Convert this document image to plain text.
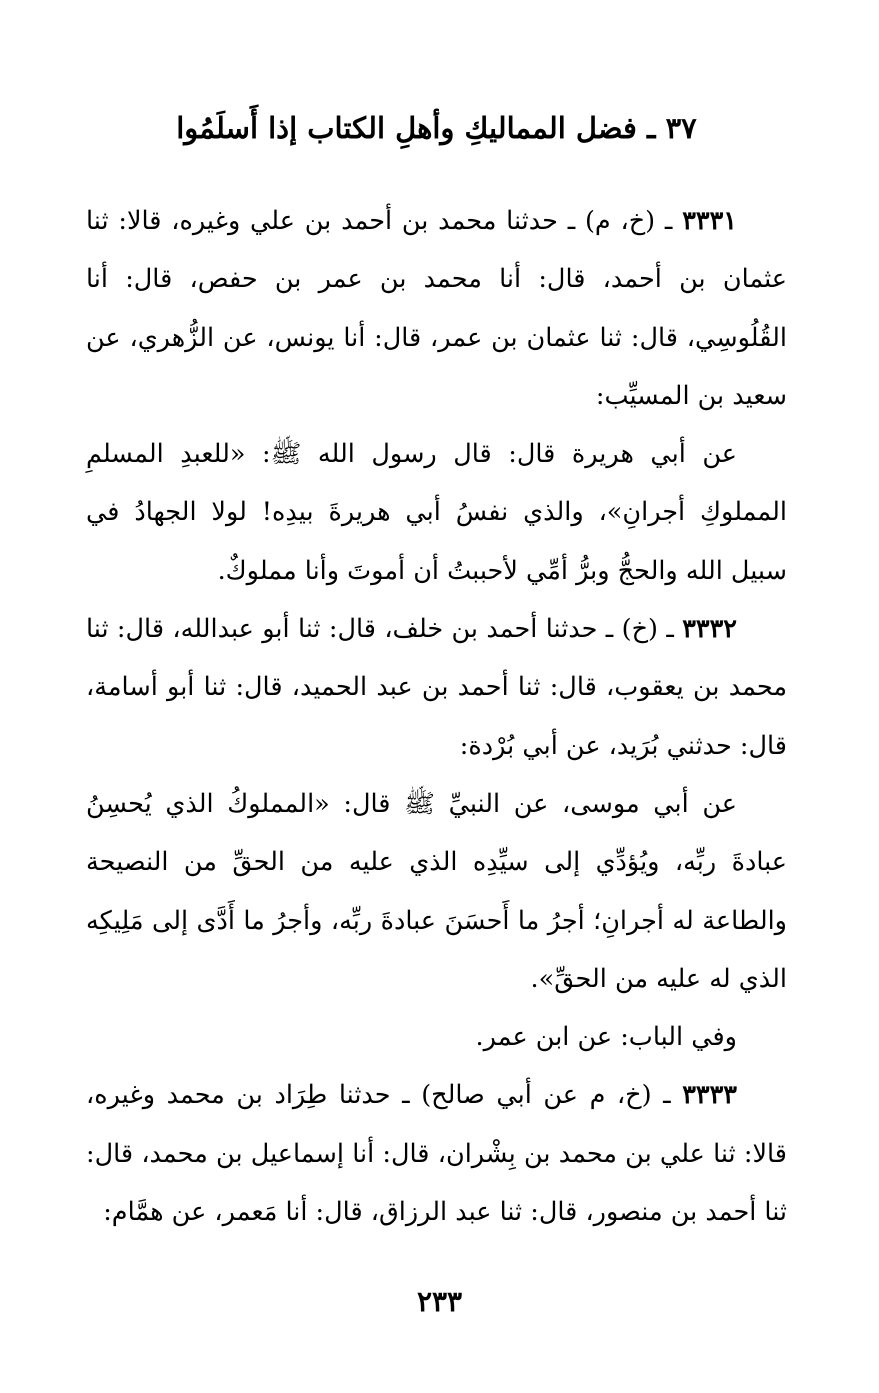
٣٧ ـ فضل المماليكِ وأهلِ الكتاب إذا أَسلَمُوا

٣٣٣١ ـ (خ، م) ـ حدثنا محمد بن أحمد بن علي وغيره، قالا: ثنا عثمان بن أحمد، قال: أنا محمد بن عمر بن حفص، قال: أنا القُلُوسِي، قال: ثنا عثمان بن عمر، قال: أنا يونس، عن الزُّهري، عن سعيد بن المسيِّب:

عن أبي هريرة قال: قال رسول الله ﷺ: «للعبدِ المسلمِ المملوكِ أجرانِ»، والذي نفسُ أبي هريرةَ بيدِه! لولا الجهادُ في سبيل الله والحجُّ وبرُّ أمِّي لأحببتُ أن أموتَ وأنا مملوكٌ.

٣٣٣٢ ـ (خ) ـ حدثنا أحمد بن خلف، قال: ثنا أبو عبدالله، قال: ثنا محمد بن يعقوب، قال: ثنا أحمد بن عبد الحميد، قال: ثنا أبو أسامة، قال: حدثني بُرَيد، عن أبي بُرْدة:

عن أبي موسى، عن النبيِّ ﷺ قال: «المملوكُ الذي يُحسِنُ عبادةَ ربِّه، ويُؤدِّي إلى سيِّدِه الذي عليه من الحقِّ من النصيحة والطاعة له أجرانِ؛ أجرُ ما أَحسَنَ عبادةَ ربِّه، وأجرُ ما أَدَّى إلى مَلِيكِه الذي له عليه من الحقِّ».

وفي الباب: عن ابن عمر.

٣٣٣٣ ـ (خ، م عن أبي صالح) ـ حدثنا طِرَاد بن محمد وغيره، قالا: ثنا علي بن محمد بن بِشْران، قال: أنا إسماعيل بن محمد، قال: ثنا أحمد بن منصور، قال: ثنا عبد الرزاق، قال: أنا مَعمر، عن همَّام:

٢٣٣
